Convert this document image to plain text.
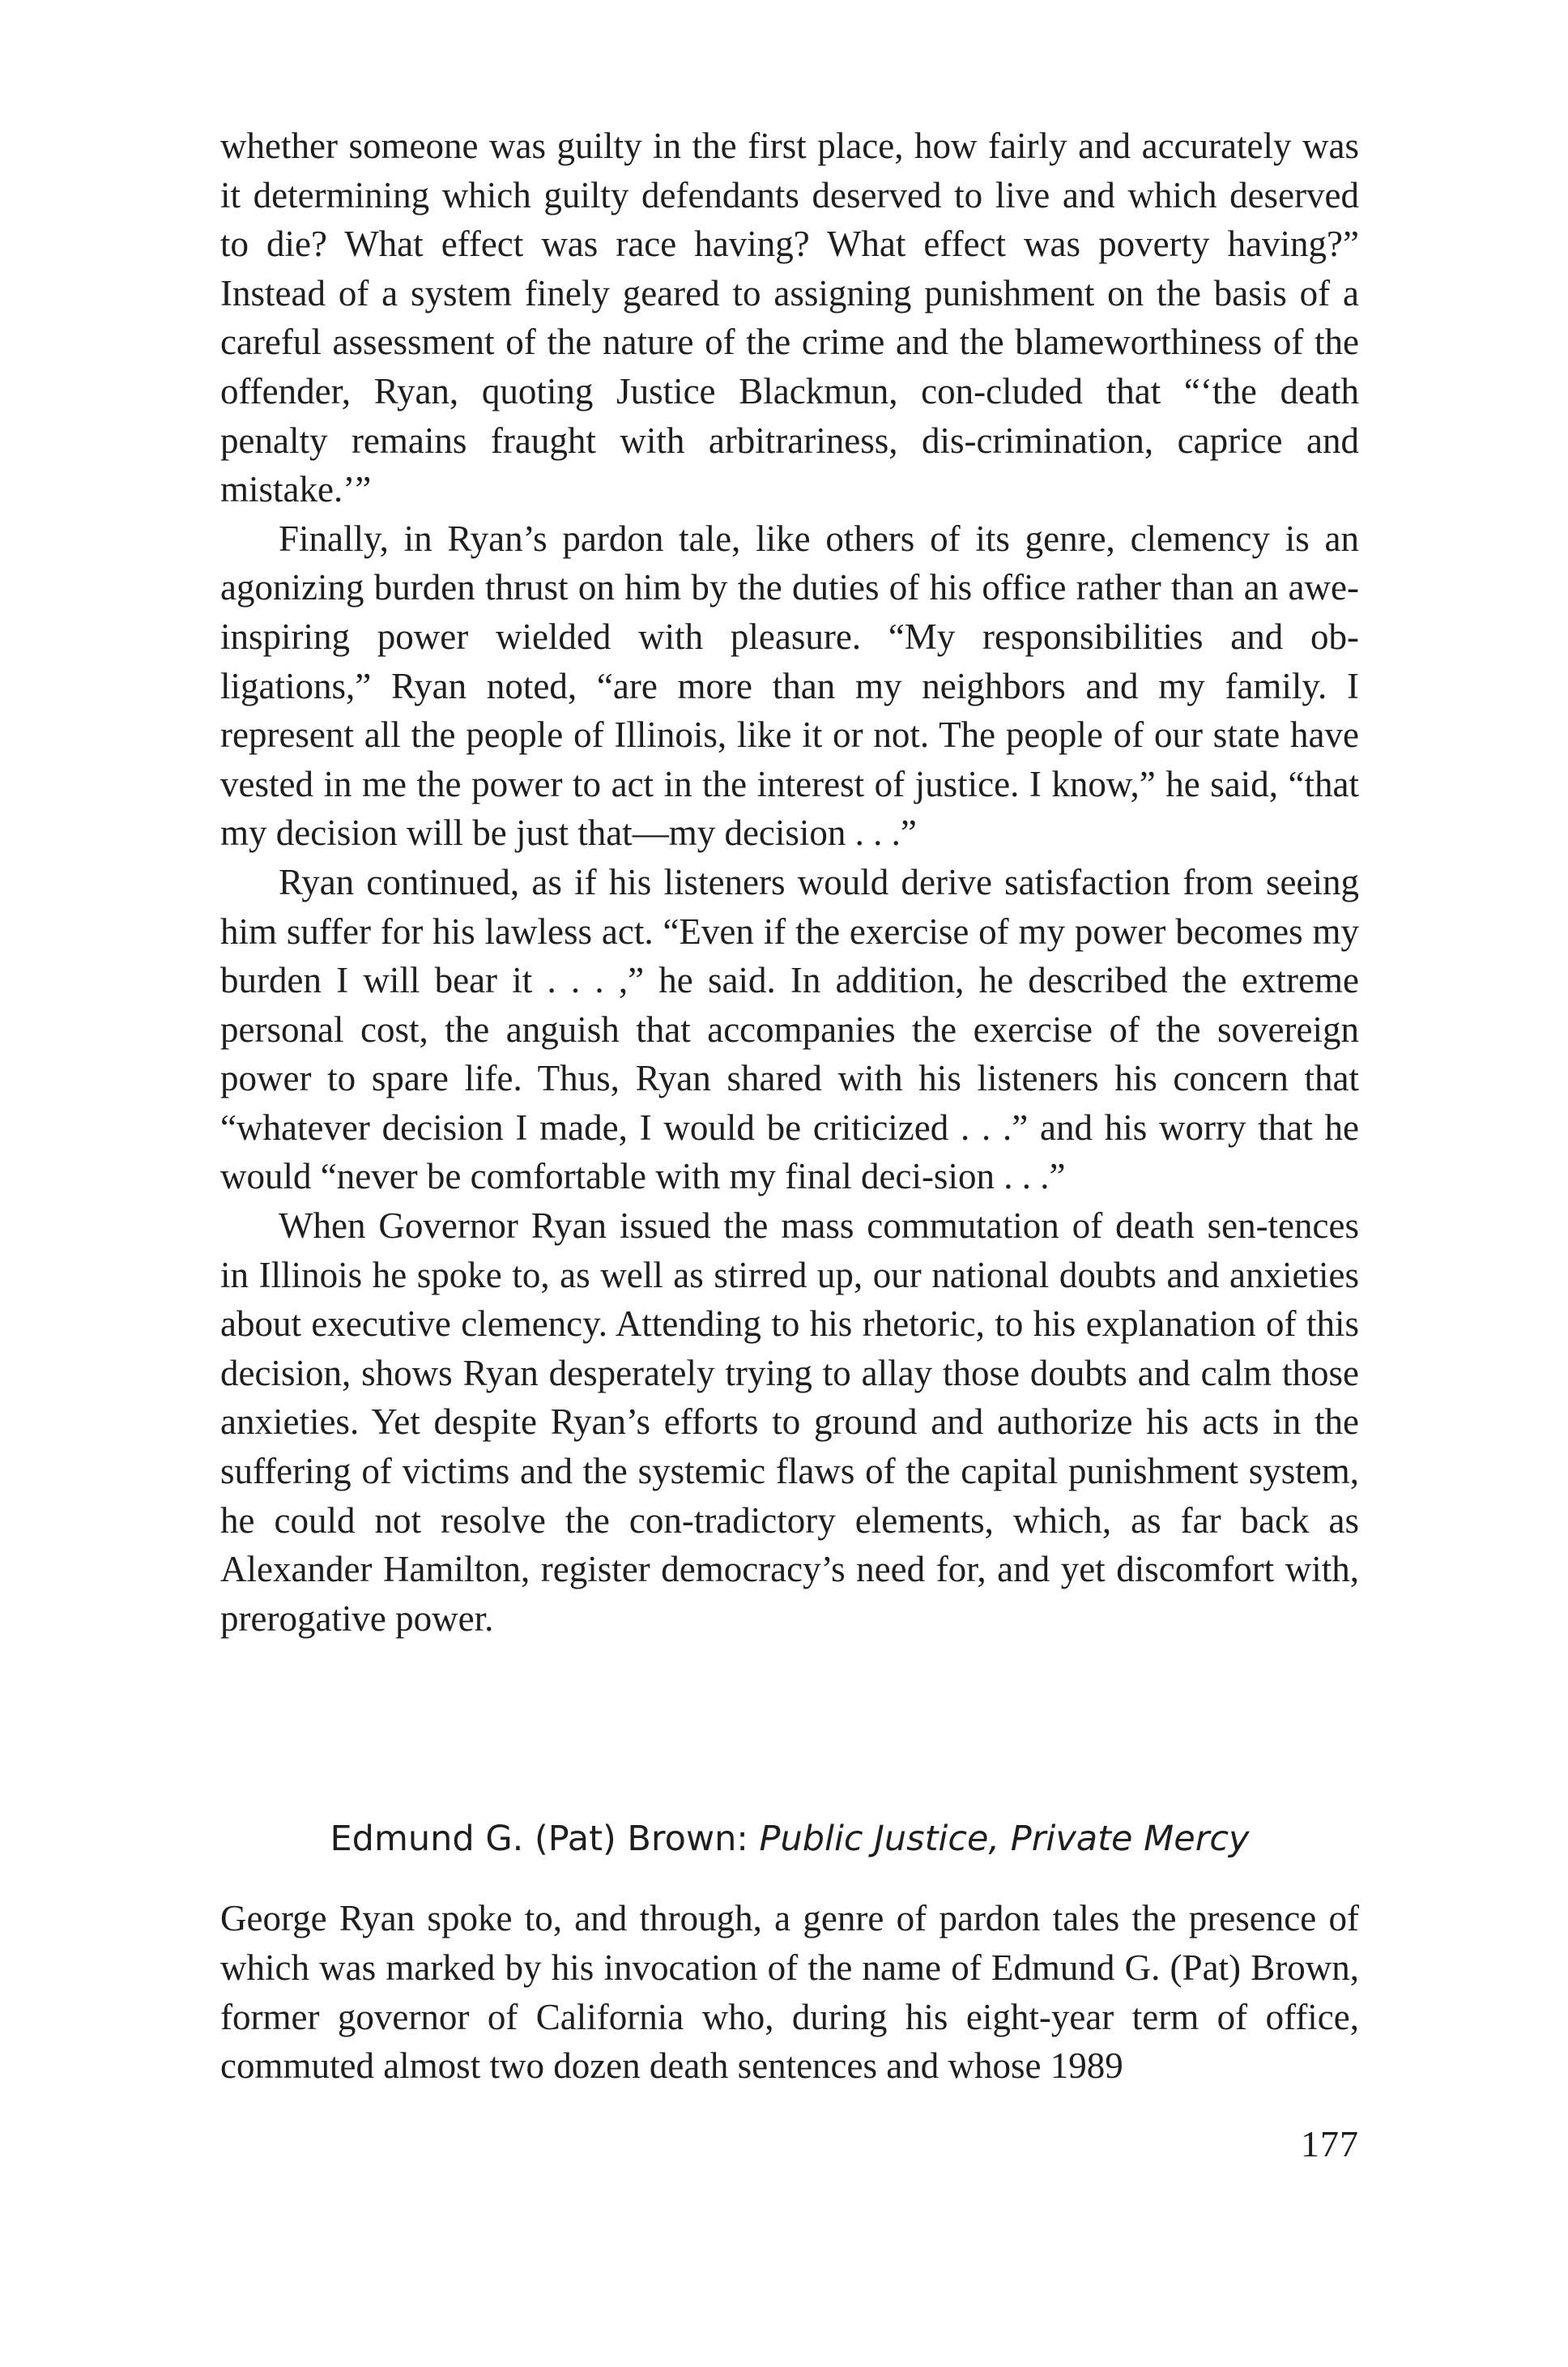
whether someone was guilty in the first place, how fairly and accurately was it determining which guilty defendants deserved to live and which deserved to die? What effect was race having? What effect was poverty having?” Instead of a system finely geared to assigning punishment on the basis of a careful assessment of the nature of the crime and the blameworthiness of the offender, Ryan, quoting Justice Blackmun, con-cluded that “‘the death penalty remains fraught with arbitrariness, dis-crimination, caprice and mistake.’”

Finally, in Ryan’s pardon tale, like others of its genre, clemency is an agonizing burden thrust on him by the duties of his office rather than an awe-inspiring power wielded with pleasure. “My responsibilities and ob-ligations,” Ryan noted, “are more than my neighbors and my family. I represent all the people of Illinois, like it or not. The people of our state have vested in me the power to act in the interest of justice. I know,” he said, “that my decision will be just that—my decision . . .”

Ryan continued, as if his listeners would derive satisfaction from seeing him suffer for his lawless act. “Even if the exercise of my power becomes my burden I will bear it . . . ,” he said. In addition, he described the extreme personal cost, the anguish that accompanies the exercise of the sovereign power to spare life. Thus, Ryan shared with his listeners his concern that “whatever decision I made, I would be criticized . . .” and his worry that he would “never be comfortable with my final deci-sion . . .”

When Governor Ryan issued the mass commutation of death sen-tences in Illinois he spoke to, as well as stirred up, our national doubts and anxieties about executive clemency. Attending to his rhetoric, to his explanation of this decision, shows Ryan desperately trying to allay those doubts and calm those anxieties. Yet despite Ryan’s efforts to ground and authorize his acts in the suffering of victims and the systemic flaws of the capital punishment system, he could not resolve the con-tradictory elements, which, as far back as Alexander Hamilton, register democracy’s need for, and yet discomfort with, prerogative power.

Edmund G. (Pat) Brown: Public Justice, Private Mercy

George Ryan spoke to, and through, a genre of pardon tales the presence of which was marked by his invocation of the name of Edmund G. (Pat) Brown, former governor of California who, during his eight-year term of office, commuted almost two dozen death sentences and whose 1989

177
